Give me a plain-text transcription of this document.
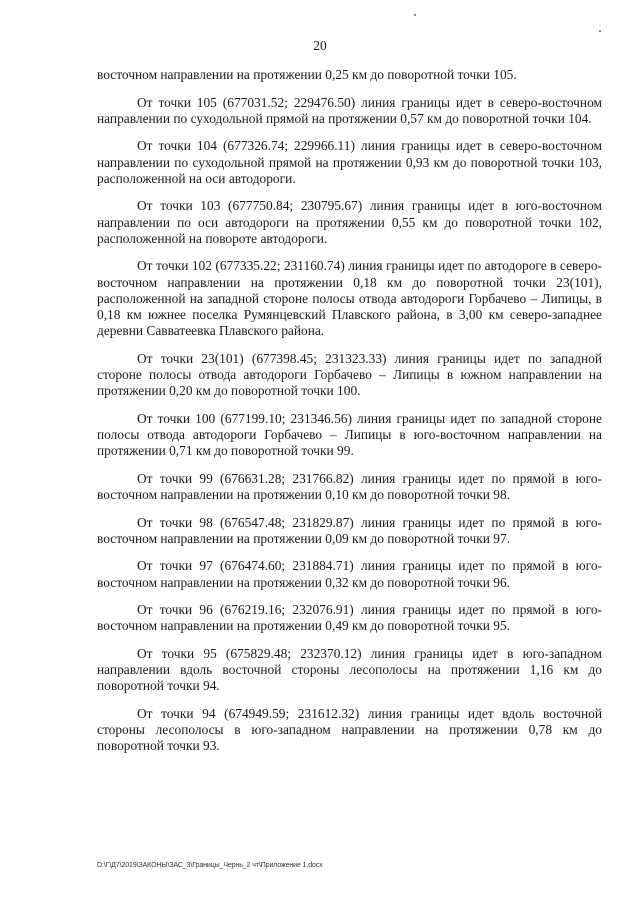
20

восточном направлении на протяжении 0,25 км до поворотной точки 105.

От точки 105 (677031.52; 229476.50) линия границы идет в северо-восточном направлении по суходольной прямой на протяжении 0,57 км до поворотной точки 104.

От точки 104 (677326.74; 229966.11) линия границы идет в северо-восточном направлении по суходольной прямой на протяжении 0,93 км до поворотной точки 103, расположенной на оси автодороги.

От точки 103 (677750.84; 230795.67) линия границы идет в юго-восточном направлении по оси автодороги на протяжении 0,55 км до поворотной точки 102, расположенной на повороте автодороги.

От точки 102 (677335.22; 231160.74) линия границы идет по автодороге в северо-восточном направлении на протяжении 0,18 км до поворотной точки 23(101), расположенной на западной стороне полосы отвода автодороги Горбачево – Липицы, в 0,18 км южнее поселка Румянцевский Плавского района, в 3,00 км северо-западнее деревни Савватеевка Плавского района.

От точки 23(101) (677398.45; 231323.33) линия границы идет по западной стороне полосы отвода автодороги Горбачево – Липицы в южном направлении на протяжении 0,20 км до поворотной точки 100.

От точки 100 (677199.10; 231346.56) линия границы идет по западной стороне полосы отвода автодороги Горбачево – Липицы в юго-восточном направлении на протяжении 0,71 км до поворотной точки 99.

От точки 99 (676631.28; 231766.82) линия границы идет по прямой в юго-восточном направлении на протяжении 0,10 км до поворотной точки 98.

От точки 98 (676547.48; 231829.87) линия границы идет по прямой в юго-восточном направлении на протяжении 0,09 км до поворотной точки 97.

От точки 97 (676474.60; 231884.71) линия границы идет по прямой в юго-восточном направлении на протяжении 0,32 км до поворотной точки 96.

От точки 96 (676219.16; 232076.91) линия границы идет по прямой в юго-восточном направлении на протяжении 0,49 км до поворотной точки 95.

От точки 95 (675829.48; 232370.12) линия границы идет в юго-западном направлении вдоль восточной стороны лесополосы на протяжении 1,16 км до поворотной точки 94.

От точки 94 (674949.59; 231612.32) линия границы идет вдоль восточной стороны лесополосы в юго-западном направлении на протяжении 0,78 км до поворотной точки 93.

D:\Г\Д7\2019\ЗАКОНЫ\ЗАС_3\Границы_Чернь_2 чт\Приложение 1.docx
